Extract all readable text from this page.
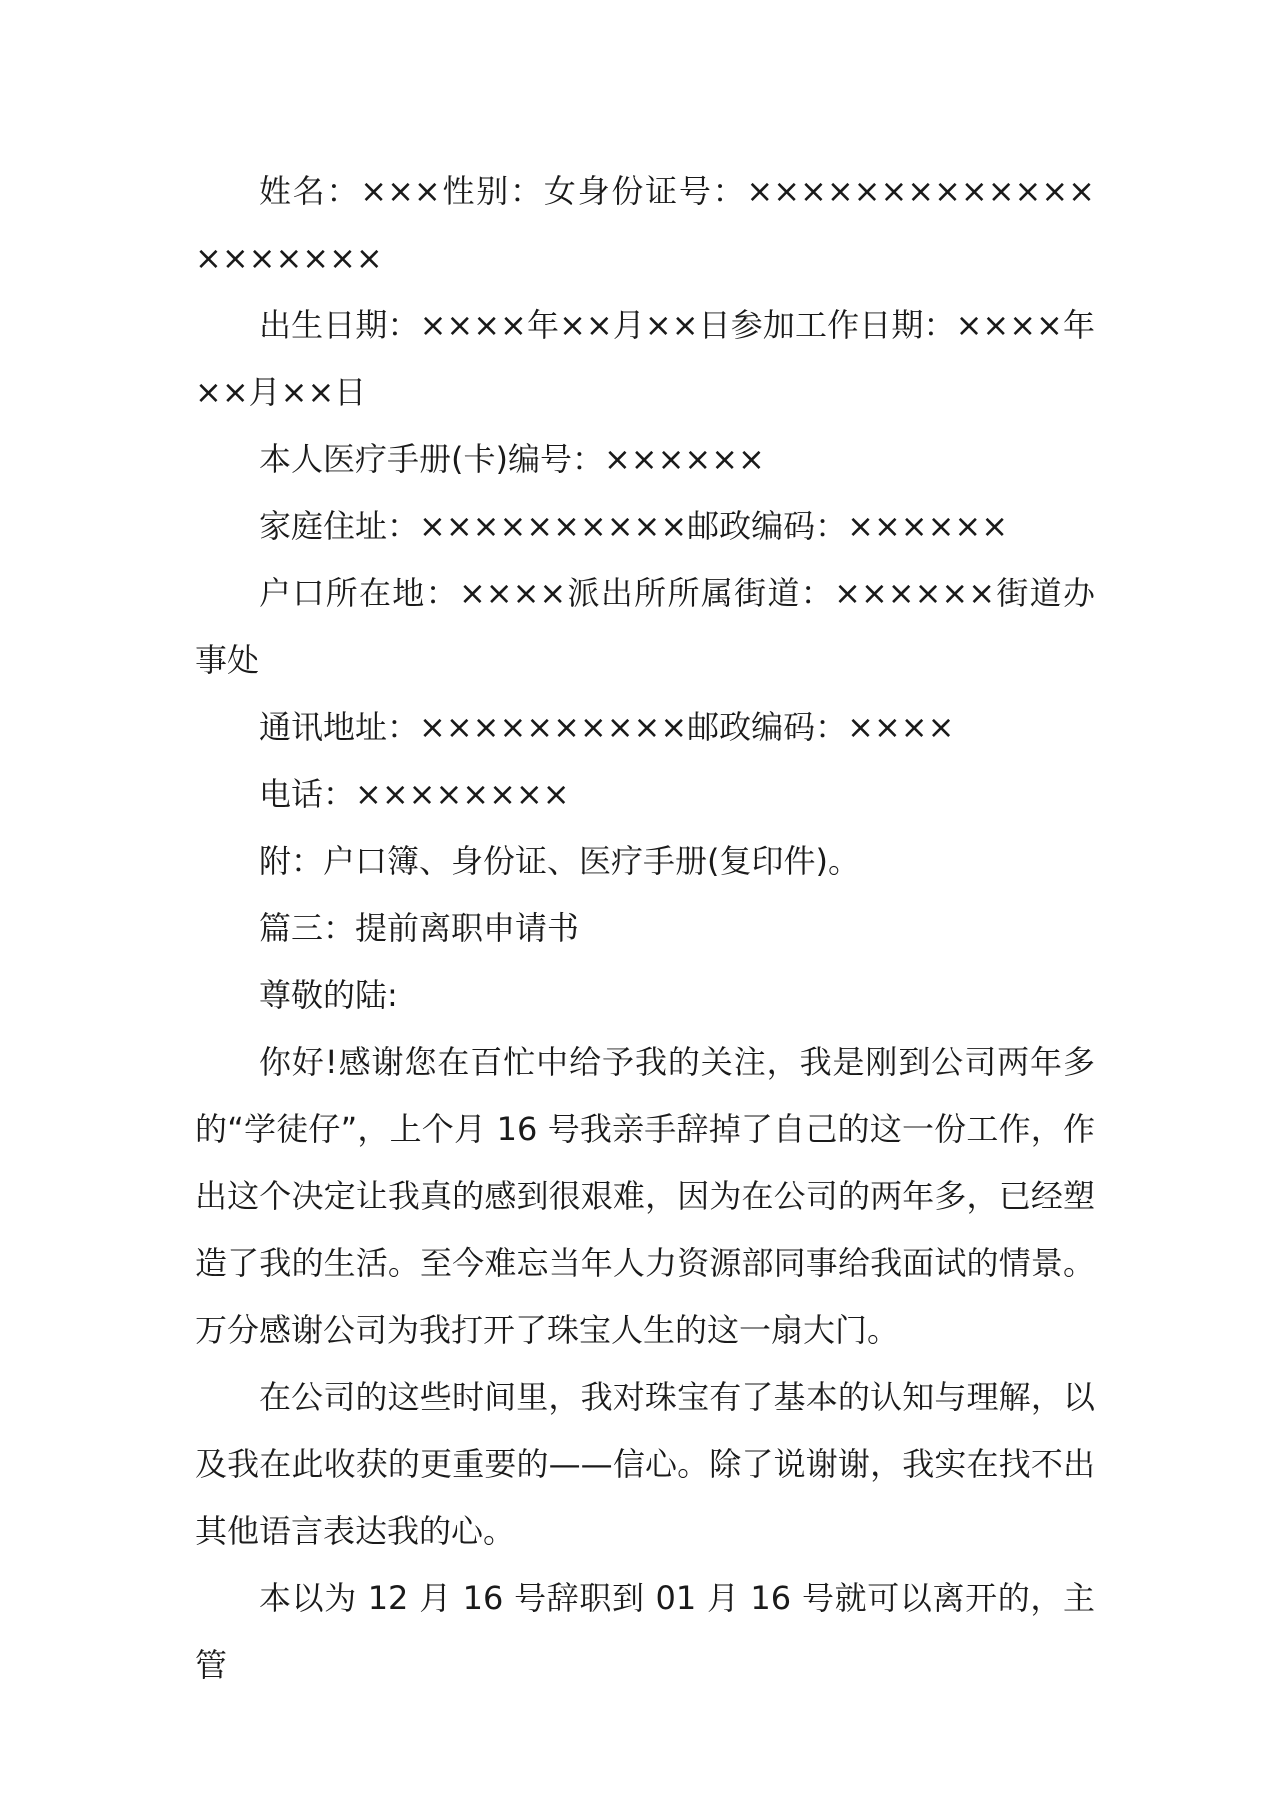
姓名：×××性别：女身份证号：××××××××××××××××××××

出生日期：××××年××月××日参加工作日期：××××年××月××日

本人医疗手册(卡)编号：××××××

家庭住址：××××××××××邮政编码：××××××

户口所在地：××××派出所所属街道：××××××街道办事处

通讯地址：××××××××××邮政编码：××××

电话：××××××××

附：户口簿、身份证、医疗手册(复印件)。

篇三：提前离职申请书

尊敬的陆:

你好!感谢您在百忙中给予我的关注，我是刚到公司两年多的“学徒仔”，上个月 16 号我亲手辞掉了自己的这一份工作，作出这个决定让我真的感到很艰难，因为在公司的两年多，已经塑造了我的生活。至今难忘当年人力资源部同事给我面试的情景。万分感谢公司为我打开了珠宝人生的这一扇大门。

在公司的这些时间里，我对珠宝有了基本的认知与理解，以及我在此收获的更重要的——信心。除了说谢谢，我实在找不出其他语言表达我的心。

本以为 12 月 16 号辞职到 01 月 16 号就可以离开的，主管
